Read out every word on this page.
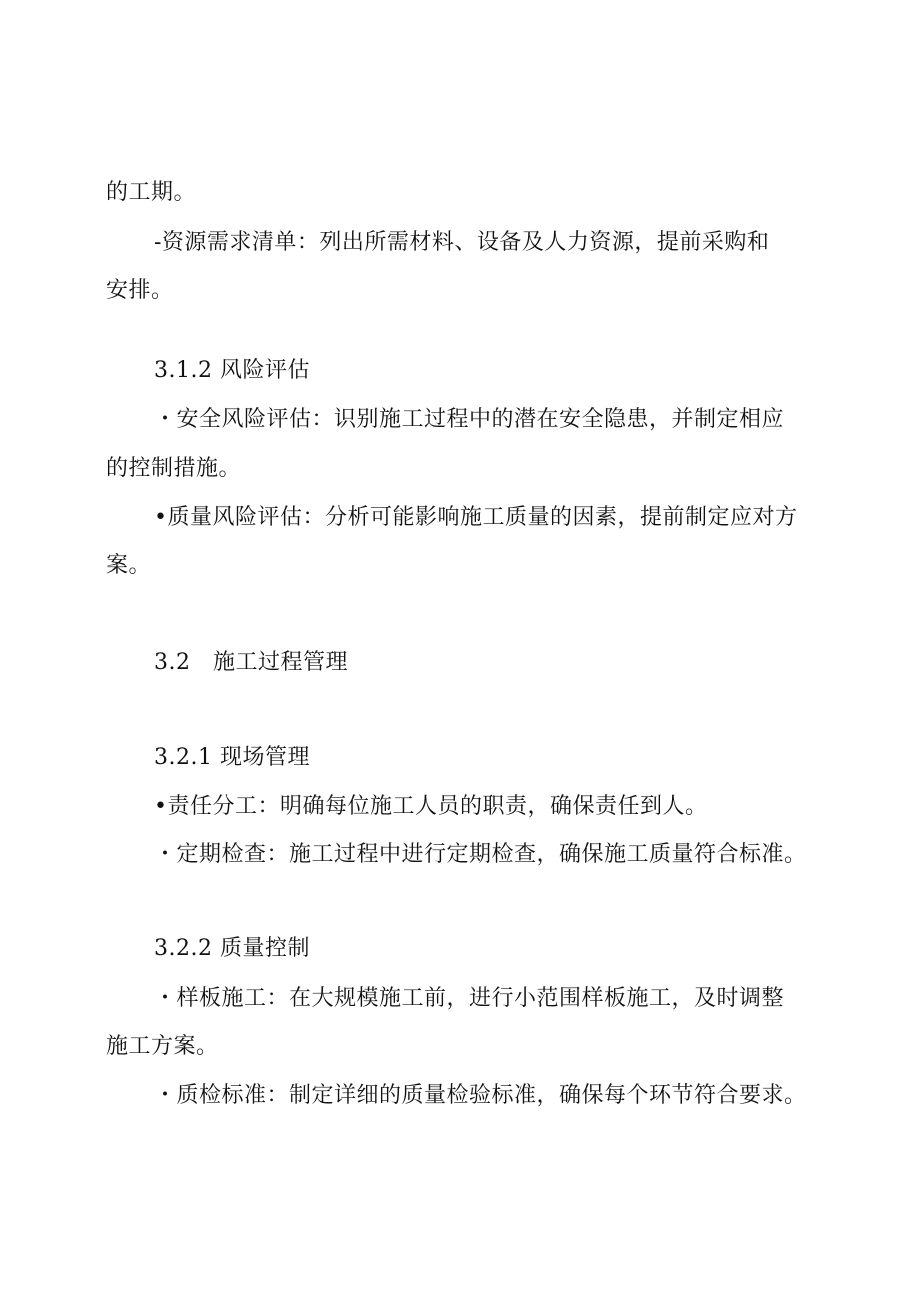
的工期。
-资源需求清单：列出所需材料、设备及人力资源，提前采购和
安排。
3.1.2 风险评估
・安全风险评估：识别施工过程中的潜在安全隐患，并制定相应
的控制措施。
•质量风险评估：分析可能影响施工质量的因素，提前制定应对方
案。
3.2   施工过程管理
3.2.1 现场管理
•责任分工：明确每位施工人员的职责，确保责任到人。
・定期检查：施工过程中进行定期检查，确保施工质量符合标准。
3.2.2 质量控制
・样板施工：在大规模施工前，进行小范围样板施工，及时调整
施工方案。
・质检标准：制定详细的质量检验标准，确保每个环节符合要求。
